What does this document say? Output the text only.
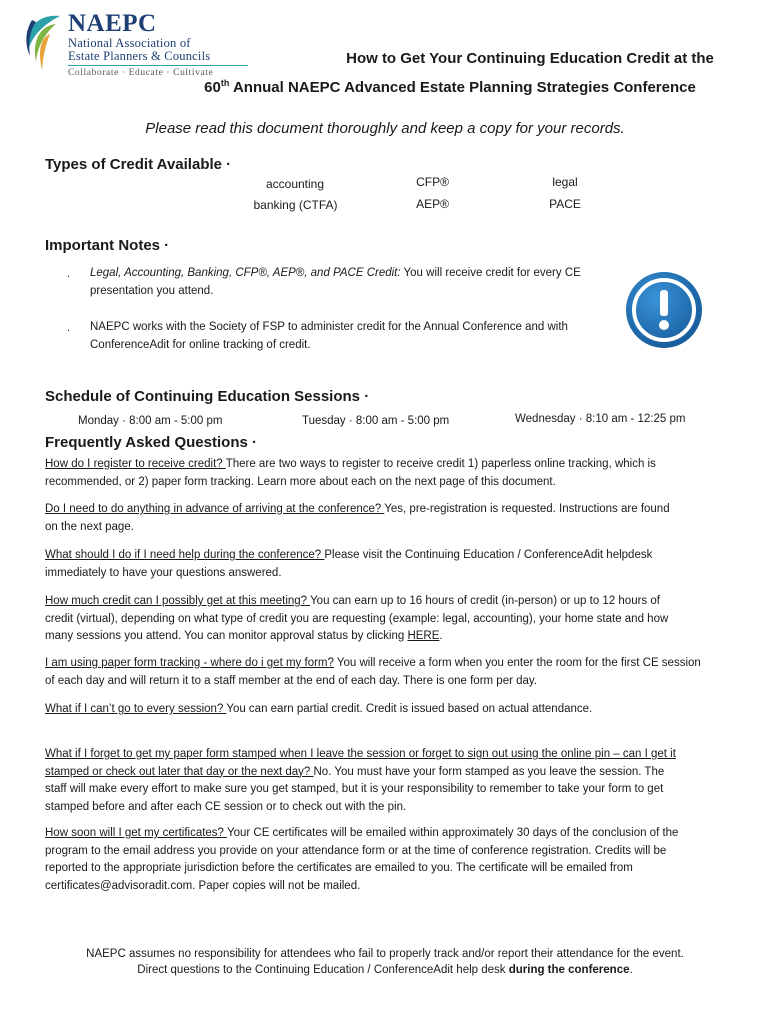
NAEPC
National Association of
Estate Planners & Councils
Collaborate · Educate · Cultivate
How to Get Your Continuing Education Credit at the
60th Annual NAEPC Advanced Estate Planning Strategies Conference
Please read this document thoroughly and keep a copy for your records.
Types of Credit Available ·
accounting	CFP®	legal
banking (CTFA)	AEP®	PACE
Important Notes ·
. Legal, Accounting, Banking, CFP®, AEP®, and PACE Credit: You will receive credit for every CE
presentation you attend.
. NAEPC works with the Society of FSP to administer credit for the Annual Conference and with
ConferenceAdit for online tracking of credit.
Schedule of Continuing Education Sessions ·
Monday · 8:00 am - 5:00 pm	Tuesday · 8:00 am - 5:00 pm	Wednesday · 8:10 am - 12:25 pm
Frequently Asked Questions ·
How do I register to receive credit? There are two ways to register to receive credit 1) paperless online tracking, which is
recommended, or 2) paper form tracking. Learn more about each on the next page of this document.
Do I need to do anything in advance of arriving at the conference? Yes, pre-registration is requested. Instructions are found
on the next page.
What should I do if I need help during the conference? Please visit the Continuing Education / ConferenceAdit helpdesk
immediately to have your questions answered.
How much credit can I possibly get at this meeting? You can earn up to 16 hours of credit (in-person) or up to 12 hours of
credit (virtual), depending on what type of credit you are requesting (example: legal, accounting), your home state and how
many sessions you attend. You can monitor approval status by clicking HERE.
I am using paper form tracking - where do i get my form? You will receive a form when you enter the room for the first CE session
of each day and will return it to a staff member at the end of each day. There is one form per day.
What if I can’t go to every session? You can earn partial credit. Credit is issued based on actual attendance.
What if I forget to get my paper form stamped when I leave the session or forget to sign out using the online pin – can I get it
stamped or check out later that day or the next day? No. You must have your form stamped as you leave the session. The
staff will make every effort to make sure you get stamped, but it is your responsibility to remember to take your form to get
stamped before and after each CE session or to check out with the pin.
How soon will I get my certificates? Your CE certificates will be emailed within approximately 30 days of the conclusion of the
program to the email address you provide on your attendance form or at the time of conference registration. Credits will be
reported to the appropriate jurisdiction before the certificates are emailed to you. The certificate will be emailed from
certificates@advisoradit.com. Paper copies will not be mailed.
NAEPC assumes no responsibility for attendees who fail to properly track and/or report their attendance for the event.
Direct questions to the Continuing Education / ConferenceAdit help desk during the conference.
